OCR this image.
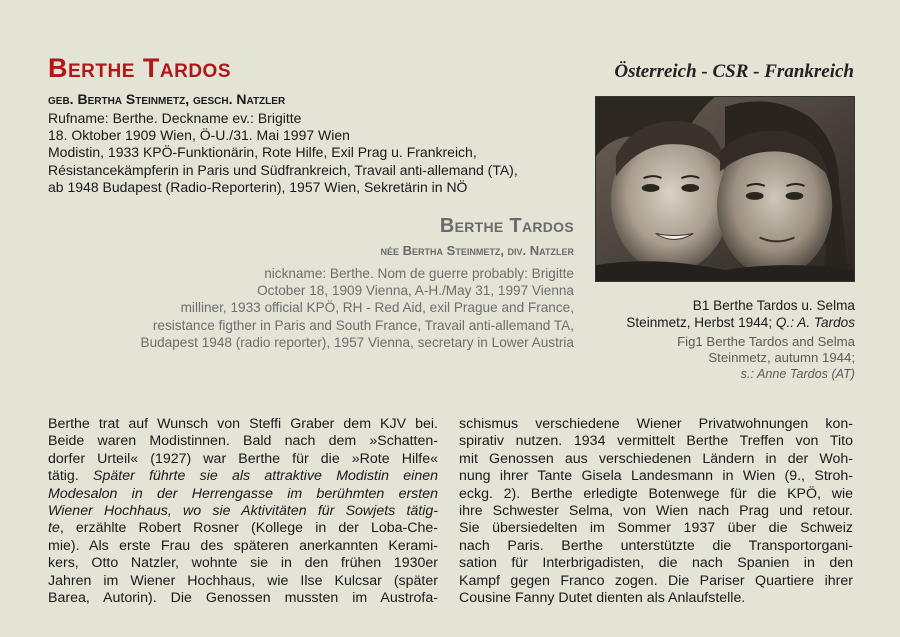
Berthe Tardos	Österreich - CSR - Frankreich
geb. Bertha Steinmetz, gesch. Natzler
Rufname: Berthe. Deckname ev.: Brigitte
18. Oktober 1909 Wien, Ö-U./31. Mai 1997 Wien
Modistin, 1933 KPÖ-Funktionärin, Rote Hilfe, Exil Prag u. Frankreich,
Résistancekämpferin in Paris und Südfrankreich, Travail anti-allemand (TA),
ab 1948 Budapest (Radio-Reporterin), 1957 Wien, Sekretärin in NÖ
Berthe Tardos
née Bertha Steinmetz, div. Natzler
nickname: Berthe. Nom de guerre probably: Brigitte
October 18, 1909 Vienna, A-H./May 31, 1997 Vienna
milliner, 1933 official KPÖ, RH - Red Aid, exil Prague and France,
resistance figther in Paris and South France, Travail anti-allemand TA,
Budapest 1948 (radio reporter), 1957 Vienna, secretary in Lower Austria
B1 Berthe Tardos u. Selma
Steinmetz, Herbst 1944; Q.: A. Tardos
Fig1 Berthe Tardos and Selma
Steinmetz, autumn 1944;
s.: Anne Tardos (AT)
Berthe trat auf Wunsch von Steffi Graber dem KJV bei.
Beide waren Modistinnen. Bald nach dem »Schatten-
dorfer Urteil« (1927) war Berthe für die »Rote Hilfe«
tätig. Später führte sie als attraktive Modistin einen
Modesalon in der Herrengasse im berühmten ersten
Wiener Hochhaus, wo sie Aktivitäten für Sowjets tätig-
te, erzählte Robert Rosner (Kollege in der Loba-Che-
mie). Als erste Frau des späteren anerkannten Kerami-
kers, Otto Natzler, wohnte sie in den frühen 1930er
Jahren im Wiener Hochhaus, wie Ilse Kulcsar (später
Barea, Autorin). Die Genossen mussten im Austrofa-
schismus verschiedene Wiener Privatwohnungen kon-
spirativ nutzen. 1934 vermittelt Berthe Treffen von Tito
mit Genossen aus verschiedenen Ländern in der Woh-
nung ihrer Tante Gisela Landesmann in Wien (9., Stroh-
eckg. 2). Berthe erledigte Botenwege für die KPÖ, wie
ihre Schwester Selma, von Wien nach Prag und retour.
Sie übersiedelten im Sommer 1937 über die Schweiz
nach Paris. Berthe unterstützte die Transportorgani-
sation für Interbrigadisten, die nach Spanien in den
Kampf gegen Franco zogen. Die Pariser Quartiere ihrer
Cousine Fanny Dutet dienten als Anlaufstelle.
